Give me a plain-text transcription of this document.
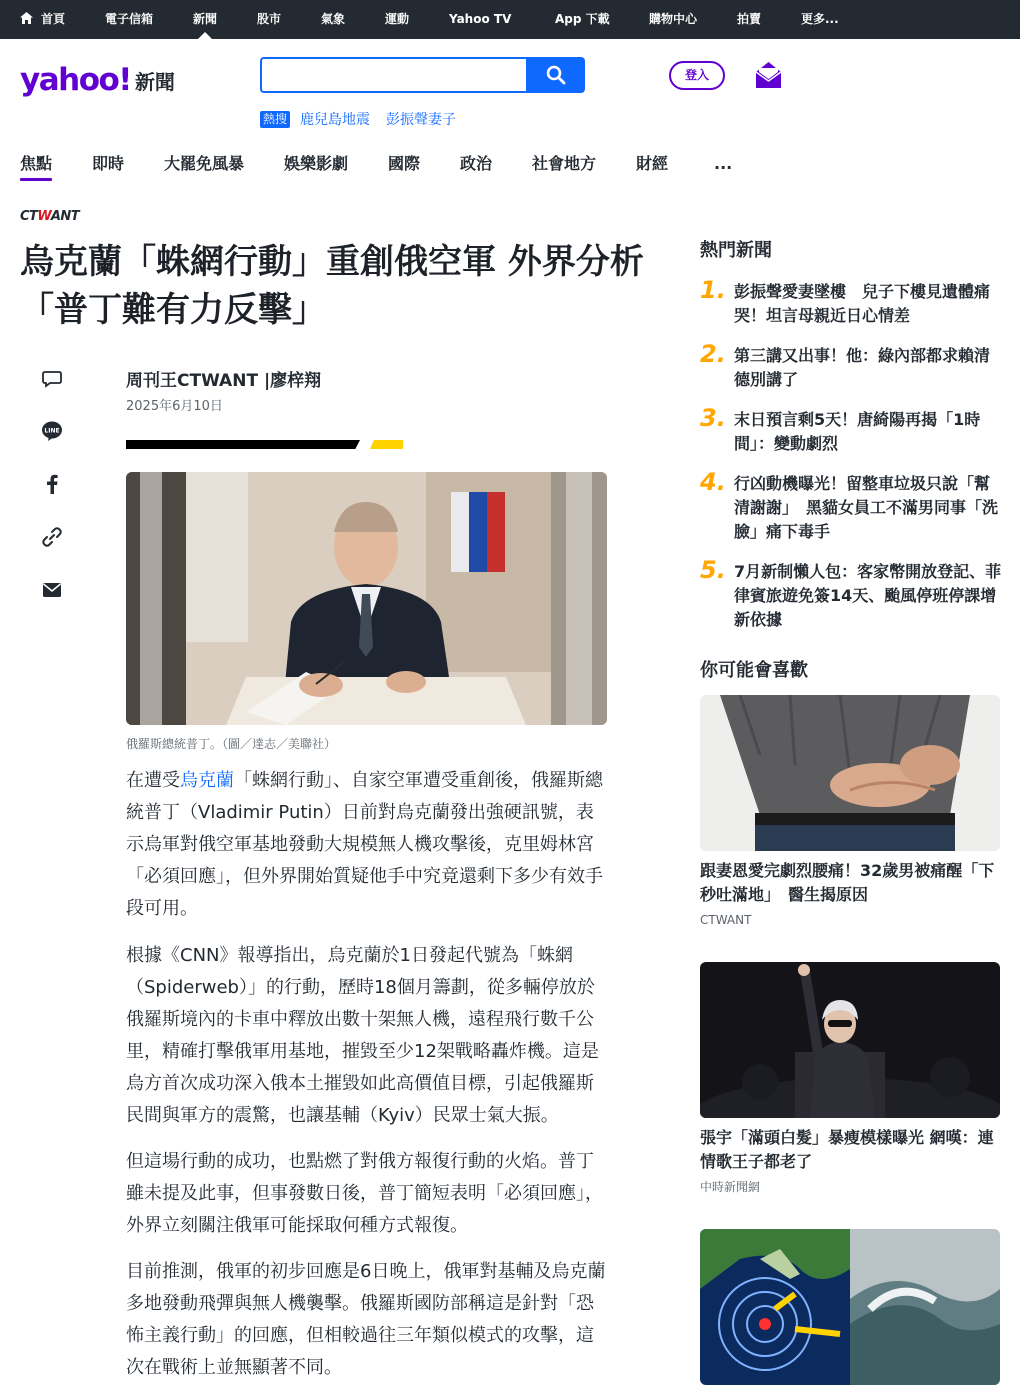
首頁	電子信箱	新聞	股市	氣象	運動	Yahoo TV	App 下載	購物中心	拍賣	更多...
yahoo! 新聞
熱搜 鹿兒島地震 彭振聲妻子
登入
焦點 即時 大罷免風暴 娛樂影劇 國際 政治 社會地方 財經	...
CTWANT
烏克蘭「蛛網行動」重創俄空軍 外界分析「普丁難有力反擊」
LINE
周刊王CTWANT |廖梓翔
2025年6月10日
俄羅斯總統普丁。（圖／達志／美聯社）

在遭受烏克蘭「蛛網行動」、自家空軍遭受重創後，俄羅斯總統普丁（Vladimir Putin）日前對烏克蘭發出強硬訊號，表示烏軍對俄空軍基地發動大規模無人機攻擊後，克里姆林宮「必須回應」，但外界開始質疑他手中究竟還剩下多少有效手段可用。

根據《CNN》報導指出，烏克蘭於1日發起代號為「蛛網（Spiderweb）」的行動，歷時18個月籌劃，從多輛停放於俄羅斯境內的卡車中釋放出數十架無人機，遠程飛行數千公里，精確打擊俄軍用基地，摧毀至少12架戰略轟炸機。這是烏方首次成功深入俄本土摧毀如此高價值目標，引起俄羅斯民間與軍方的震驚，也讓基輔（Kyiv）民眾士氣大振。

但這場行動的成功，也點燃了對俄方報復行動的火焰。普丁雖未提及此事，但事發數日後，普丁簡短表明「必須回應」，外界立刻關注俄軍可能採取何種方式報復。

目前推測，俄軍的初步回應是6日晚上，俄軍對基輔及烏克蘭多地發動飛彈與無人機襲擊。俄羅斯國防部稱這是針對「恐怖主義行動」的回應，但相較過往三年類似模式的攻擊，這次在戰術上並無顯著不同。

熱門新聞
1. 彭振聲愛妻墜樓　兒子下樓見遺體痛哭！坦言母親近日心情差
2. 第三講又出事！他：綠內部都求賴清德別講了
3. 末日預言剩5天！唐綺陽再揭「1時間」：變動劇烈
4. 行凶動機曝光！留整車垃圾只說「幫清謝謝」　黑貓女員工不滿男同事「洗臉」痛下毒手
5. 7月新制懶人包：客家幣開放登記、菲律賓旅遊免簽14天、颱風停班停課增新依據
你可能會喜歡
跟妻恩愛完劇烈腰痛！32歲男被痛醒「下秒吐滿地」　醫生揭原因
CTWANT
張宇「滿頭白髮」暴瘦模樣曝光 網嘆：連情歌王子都老了
中時新聞網
